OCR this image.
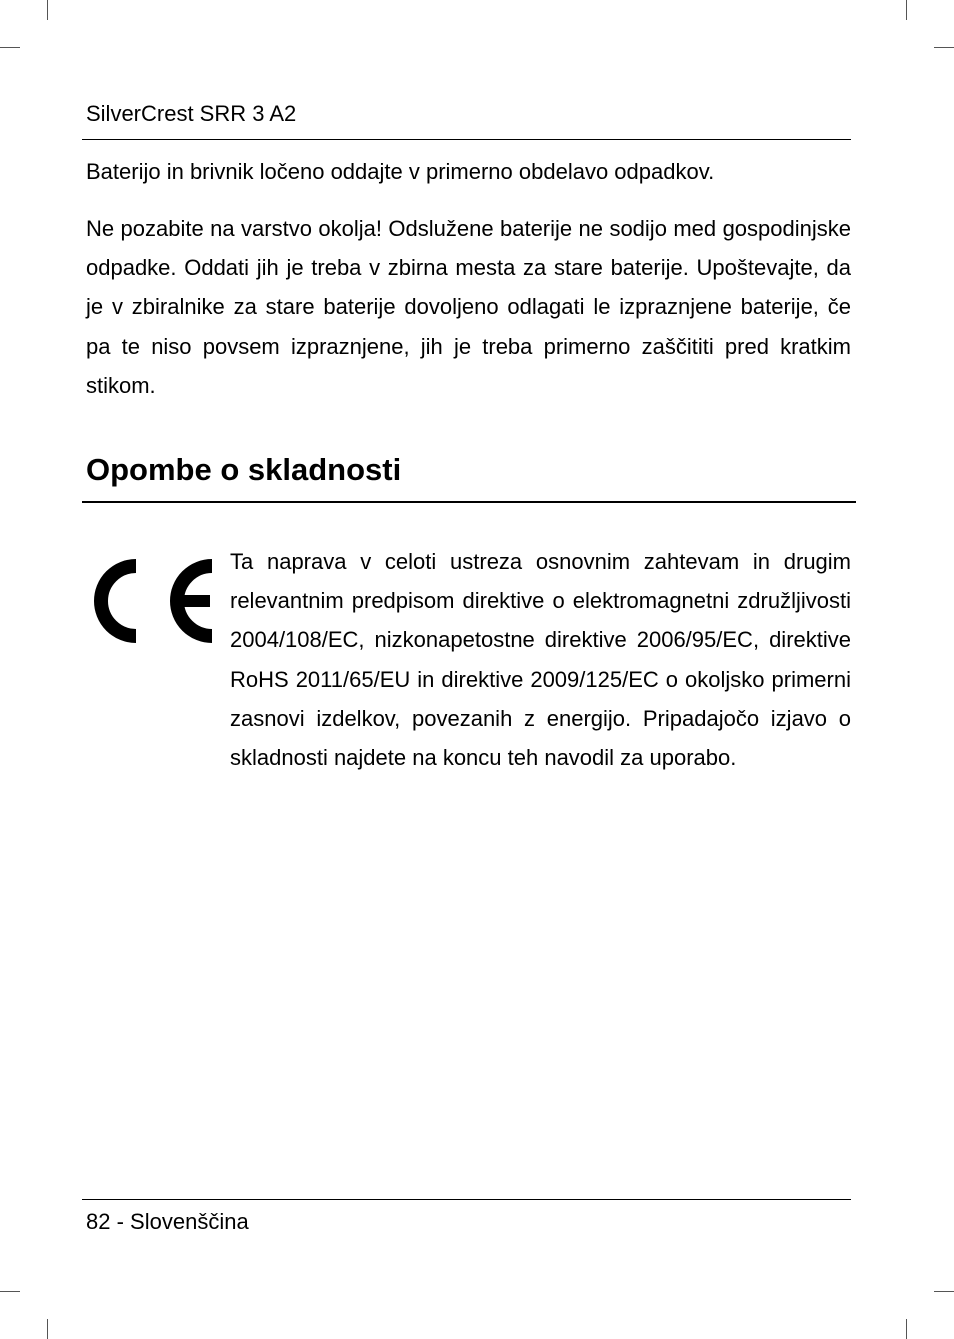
SilverCrest SRR 3 A2

Baterijo in brivnik ločeno oddajte v primerno obdelavo odpadkov.

Ne pozabite na varstvo okolja! Odslužene baterije ne sodijo med gospodinjske odpadke. Oddati jih je treba v zbirna mesta za stare baterije. Upoštevajte, da je v zbiralnike za stare baterije dovoljeno odlagati le izpraznjene baterije, če pa te niso povsem izpraznjene, jih je treba primerno zaščititi pred kratkim stikom.

Opombe o skladnosti

Ta naprava v celoti ustreza osnovnim zahtevam in drugim relevantnim predpisom direktive o elektromagnetni združljivosti 2004/108/EC, nizkonapetostne direktive 2006/95/EC, direktive RoHS 2011/65/EU in direktive 2009/125/EC o okoljsko primerni zasnovi izdelkov, povezanih z energijo. Pripadajočo izjavo o skladnosti najdete na koncu teh navodil za uporabo.

82 - Slovenščina
